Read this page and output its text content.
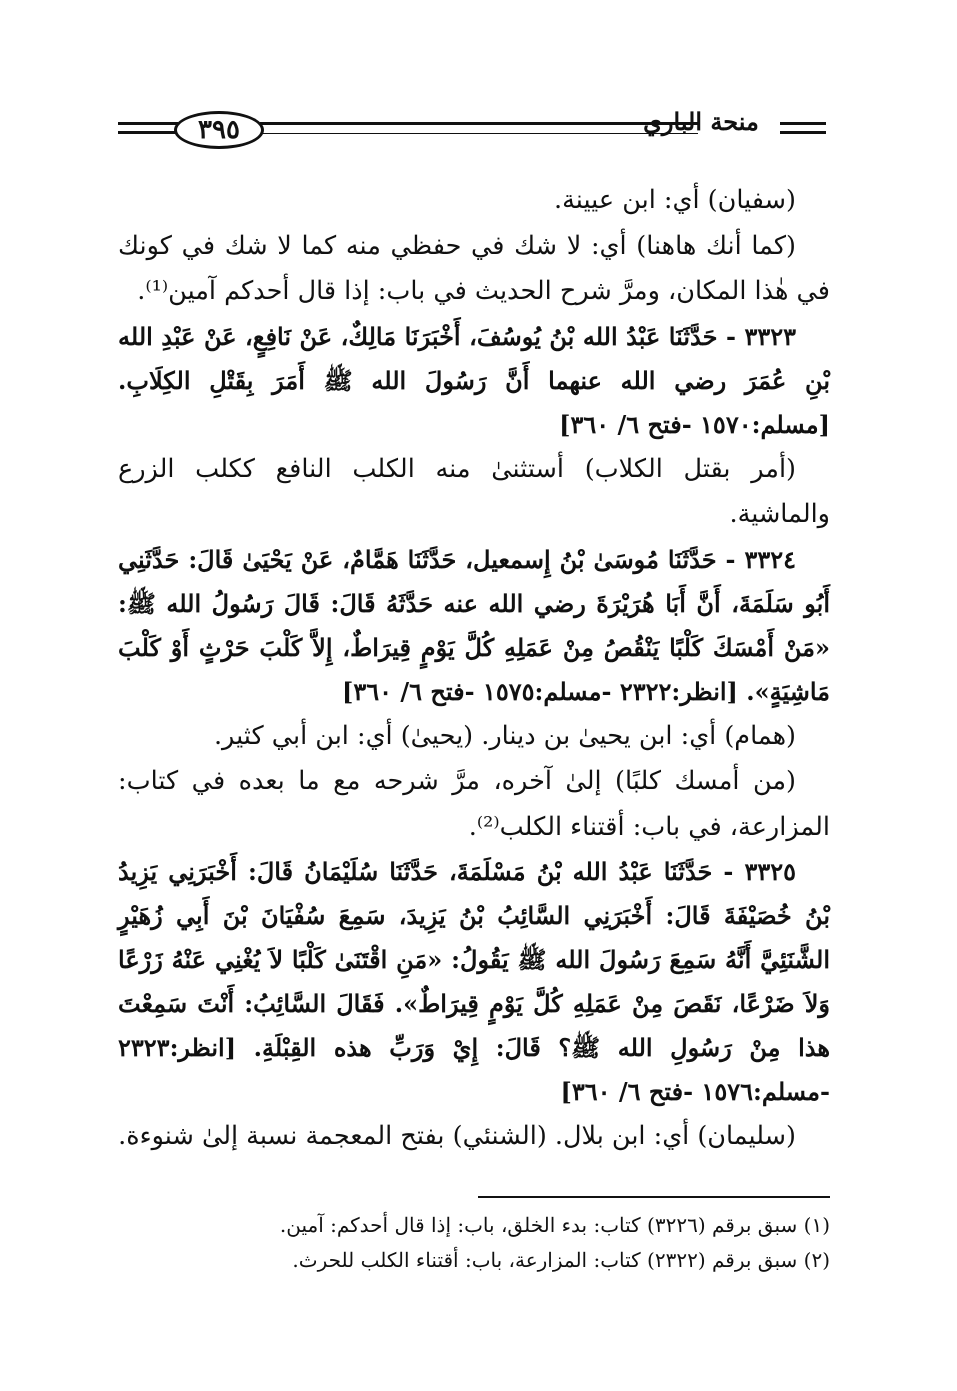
٣٩٥	منحة الباري

(سفيان) أي: ابن عيينة.

(كما أنك هاهنا) أي: لا شك في حفظي منه كما لا شك في كونك في هٰذا المكان، ومرَّ شرح الحديث في باب: إذا قال أحدكم آمين⁽¹⁾.

٣٣٢٣ - حَدَّثَنَا عَبْدُ الله بْنُ يُوسُفَ، أَخْبَرَنَا مَالِكٌ، عَنْ نَافِعٍ، عَنْ عَبْدِ الله بْنِ عُمَرَ رضي الله عنهما أَنَّ رَسُولَ الله ﷺ أَمَرَ بِقَتْلِ الكِلَابِ. [مسلم:١٥٧٠ -فتح ٦/ ٣٦٠]

(أمر بقتل الكلاب) أستثنىٰ منه الكلب النافع ككلب الزرع والماشية.

٣٣٢٤ - حَدَّثَنَا مُوسَىٰ بْنُ إِسمعيل، حَدَّثَنَا هَمَّامٌ، عَنْ يَحْيَىٰ قَالَ: حَدَّثَنِي أَبُو سَلَمَةَ، أَنَّ أَبَا هُرَيْرَةَ رضي الله عنه حَدَّثَهُ قَالَ: قَالَ رَسُولُ الله ﷺ: «مَنْ أَمْسَكَ كَلْبًا يَنْقُصُ مِنْ عَمَلِهِ كُلَّ يَوْمٍ قِيرَاطٌ، إِلاَّ كَلْبَ حَرْثٍ أَوْ كَلْبَ مَاشِيَةٍ». [انظر:٢٣٢٢ -مسلم:١٥٧٥ -فتح ٦/ ٣٦٠]

(همام) أي: ابن يحيىٰ بن دينار. (يحيىٰ) أي: ابن أبي كثير.

(من أمسك كلبًا) إلىٰ آخره، مرَّ شرحه مع ما بعده في كتاب: المزارعة، في باب: أقتناء الكلب⁽²⁾.

٣٣٢٥ - حَدَّثَنَا عَبْدُ الله بْنُ مَسْلَمَةَ، حَدَّثَنَا سُلَيْمَانُ قَالَ: أَخْبَرَنِي يَزِيدُ بْنُ خُصَيْفَةَ قَالَ: أَخْبَرَنِي السَّائِبُ بْنُ يَزِيدَ، سَمِعَ سُفْيَانَ بْنَ أَبِي زُهَيْرٍ الشَّنَئِيَّ أَنَّهُ سَمِعَ رَسُولَ الله ﷺ يَقُولُ: «مَنِ اقْتَنَىٰ كَلْبًا لاَ يُغْنِي عَنْهُ زَرْعًا وَلاَ ضَرْعًا، نَقَصَ مِنْ عَمَلِهِ كُلَّ يَوْمٍ قِيرَاطٌ». فَقَالَ السَّائِبُ: أَنْتَ سَمِعْتَ هذا مِنْ رَسُولِ الله ﷺ؟ قَالَ: إِيْ وَرَبِّ هذه القِبْلَةِ. [انظر:٢٣٢٣ -مسلم:١٥٧٦ -فتح ٦/ ٣٦٠]

(سليمان) أي: ابن بلال. (الشنئي) بفتح المعجمة نسبة إلىٰ شنوءة.

(١) سبق برقم (٣٢٢٦) كتاب: بدء الخلق، باب: إذا قال أحدكم: آمين.

(٢) سبق برقم (٢٣٢٢) كتاب: المزارعة، باب: أقتناء الكلب للحرث.
